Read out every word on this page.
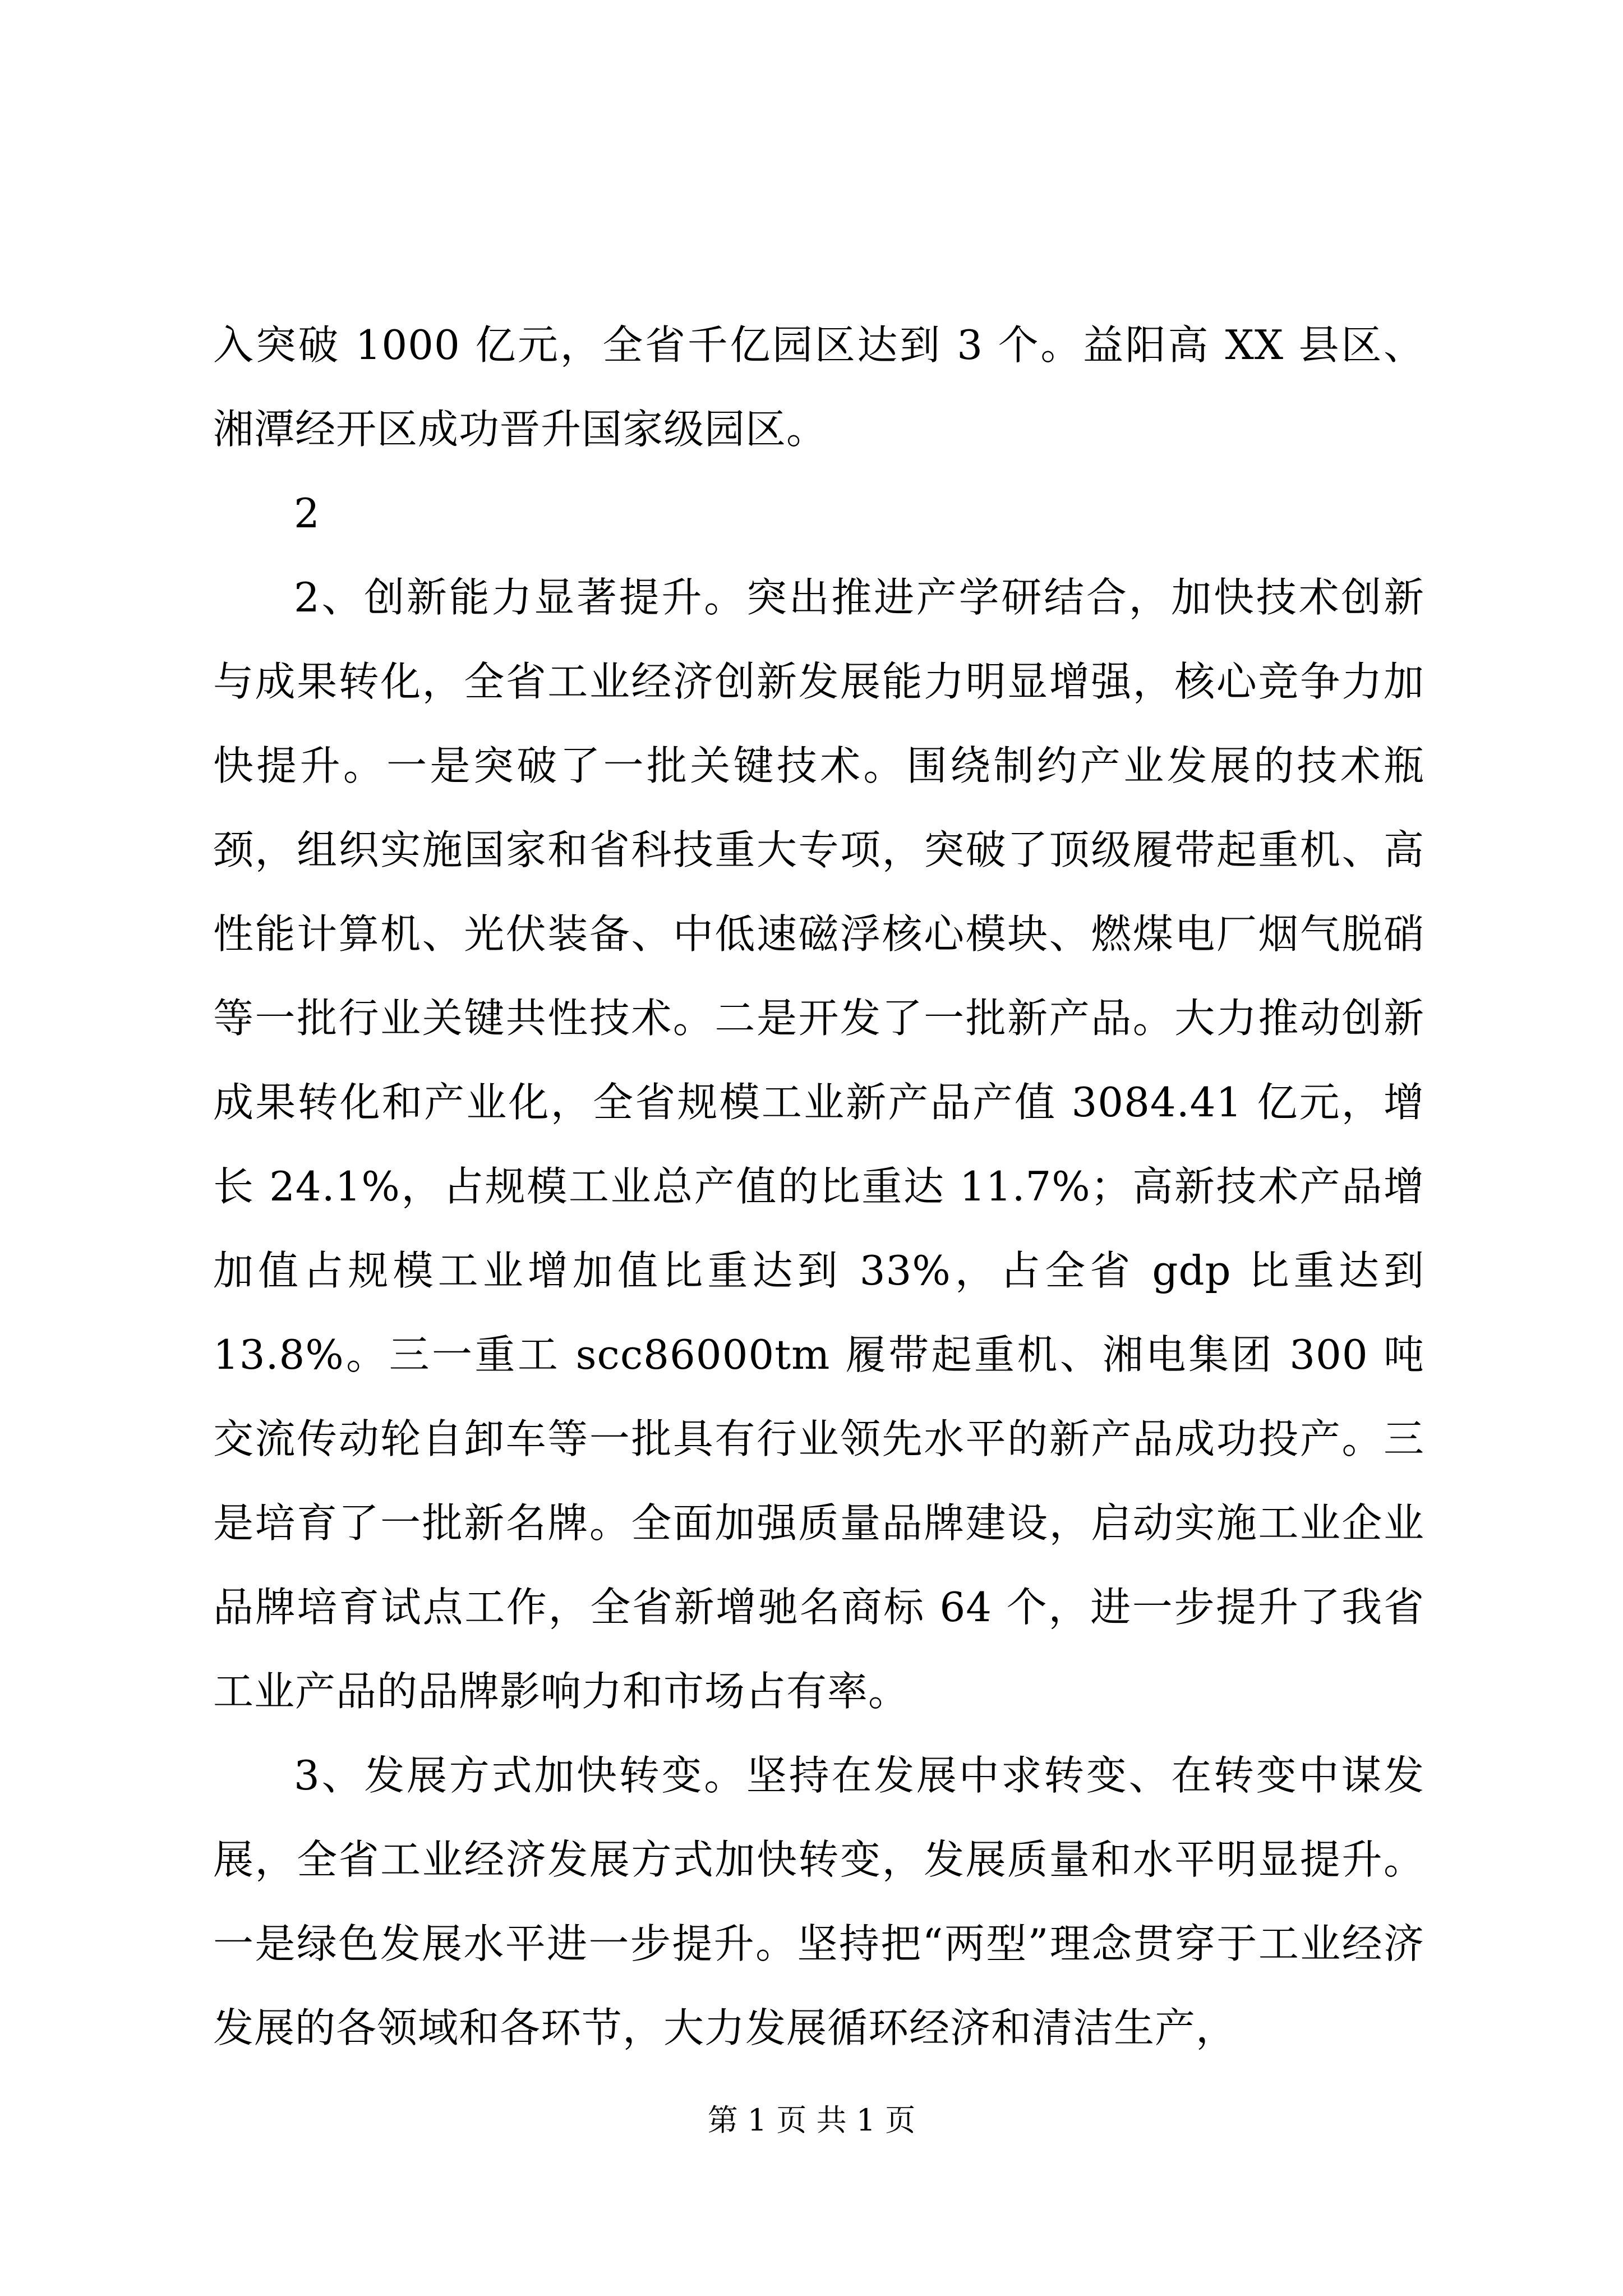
入突破 1000 亿元，全省千亿园区达到 3 个。益阳高 XX 县区、湘潭经开区成功晋升国家级园区。

2

2、创新能力显著提升。突出推进产学研结合，加快技术创新与成果转化，全省工业经济创新发展能力明显增强，核心竞争力加快提升。一是突破了一批关键技术。围绕制约产业发展的技术瓶颈，组织实施国家和省科技重大专项，突破了顶级履带起重机、高性能计算机、光伏装备、中低速磁浮核心模块、燃煤电厂烟气脱硝等一批行业关键共性技术。二是开发了一批新产品。大力推动创新成果转化和产业化，全省规模工业新产品产值 3084.41 亿元，增长 24.1%，占规模工业总产值的比重达 11.7%；高新技术产品增加值占规模工业增加值比重达到 33%，占全省 gdp 比重达到 13.8%。三一重工 scc86000tm 履带起重机、湘电集团 300 吨交流传动轮自卸车等一批具有行业领先水平的新产品成功投产。三是培育了一批新名牌。全面加强质量品牌建设，启动实施工业企业品牌培育试点工作，全省新增驰名商标 64 个，进一步提升了我省工业产品的品牌影响力和市场占有率。

3、发展方式加快转变。坚持在发展中求转变、在转变中谋发展，全省工业经济发展方式加快转变，发展质量和水平明显提升。一是绿色发展水平进一步提升。坚持把“两型”理念贯穿于工业经济发展的各领域和各环节，大力发展循环经济和清洁生产，

第 1 页 共 1 页
